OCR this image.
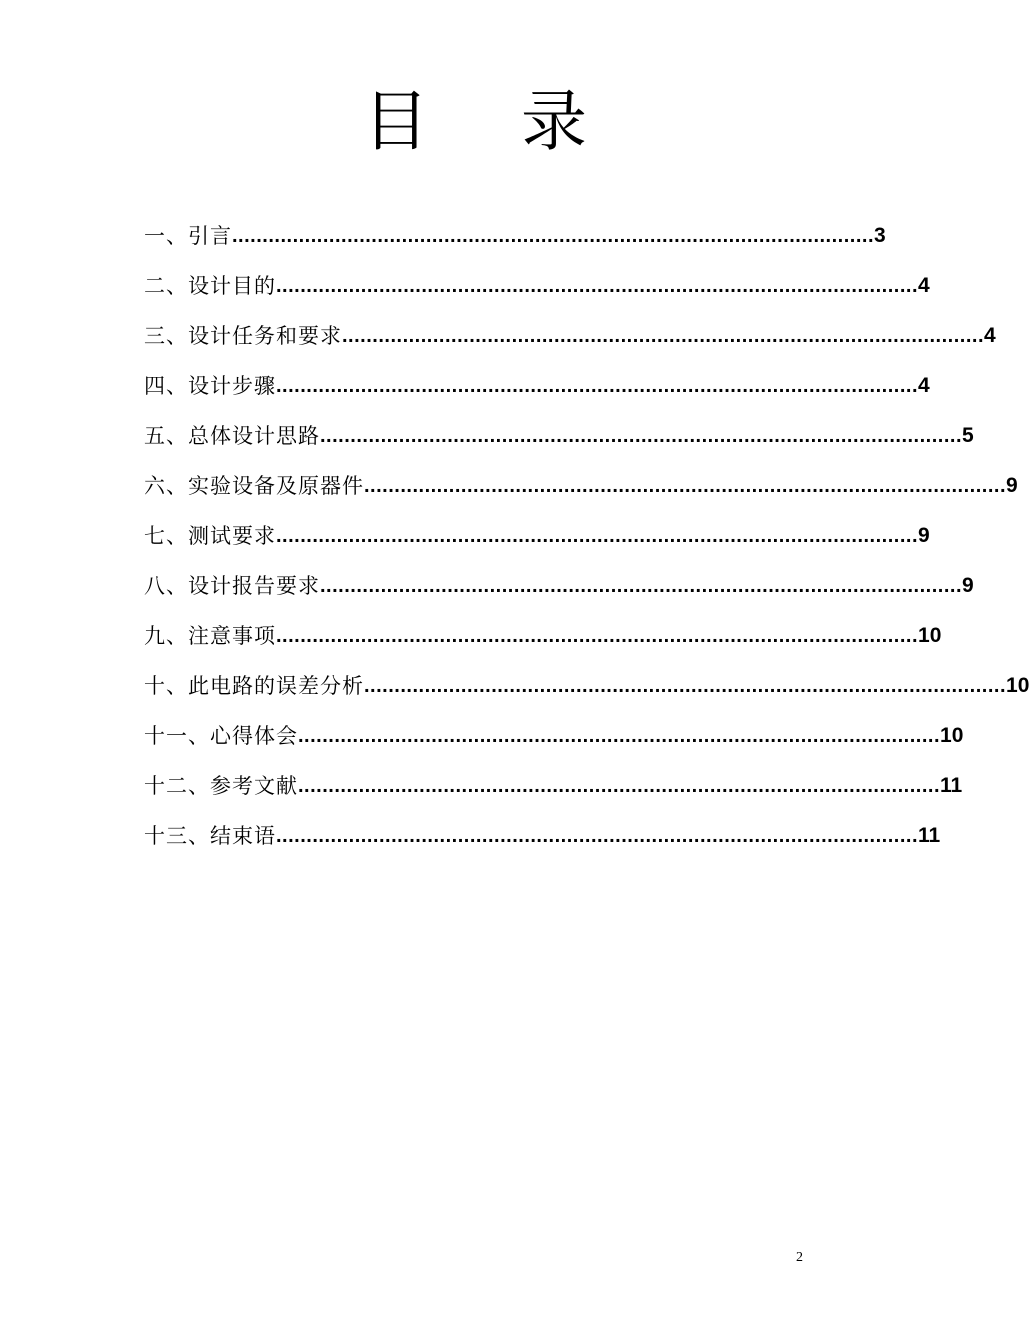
目 录
一、引言 .......................................................................................................... 3
二、设计目的 .......................................................................................................... 4
三、设计任务和要求 .......................................................................................................... 4
四、设计步骤 .......................................................................................................... 4
五、总体设计思路 .......................................................................................................... 5
六、实验设备及原器件 .......................................................................................................... 9
七、测试要求 .......................................................................................................... 9
八、设计报告要求 .......................................................................................................... 9
九、注意事项 .......................................................................................................... 10
十、此电路的误差分析 .......................................................................................................... 10
十一、心得体会 .......................................................................................................... 10
十二、参考文献 .......................................................................................................... 11
十三、结束语 .......................................................................................................... 11
2
